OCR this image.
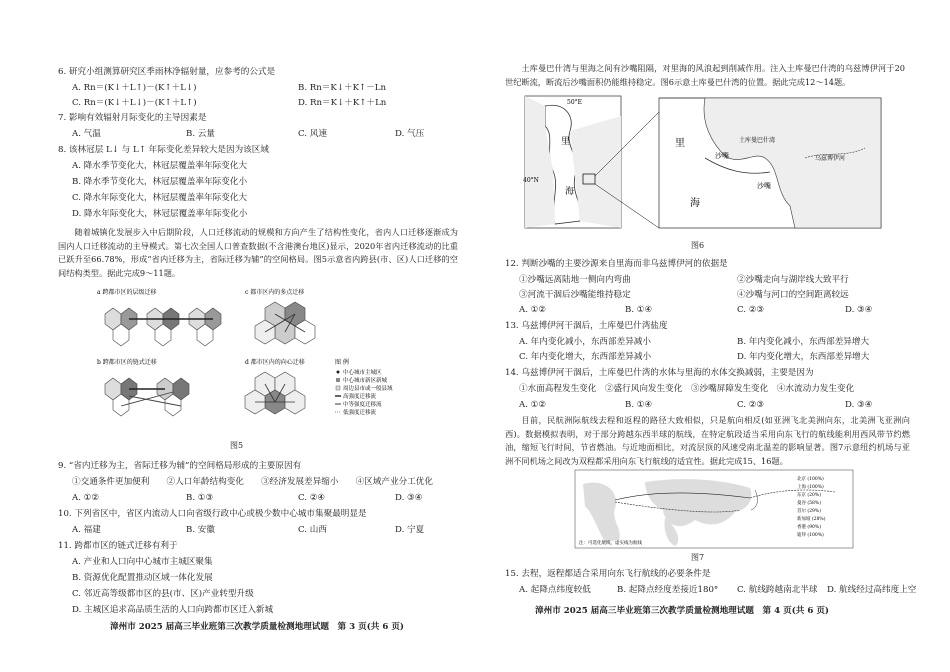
6. 研究小组测算研究区季雨林净辐射量，应参考的公式是
A. Rn＝(K↓＋L↑)－(K↑＋L↓)	B. Rn＝K↓＋K↑－Ln
C. Rn＝(K↓＋L↓)－(K↑＋L↑)	D. Rn＝K↓＋K↑＋Ln
7. 影响有效辐射月际变化的主导因素是
A. 气温	B. 云量	C. 风速	D. 气压
8. 该林冠层 L↓ 与 L↑ 年际变化差异较大是因为该区域
A. 降水季节变化大，林冠层覆盖率年际变化大
B. 降水季节变化大，林冠层覆盖率年际变化小
C. 降水年际变化大，林冠层覆盖率年际变化大
D. 降水年际变化大，林冠层覆盖率年际变化小
随着城镇化发展步入中后期阶段，人口迁移流动的规模和方向产生了结构性变化，省内人口迁移逐渐成为国内人口迁移流动的主导模式。第七次全国人口普查数据(不含港澳台地区)显示，2020年省内迁移流动的比重已跃升至66.78%，形成“省内迁移为主，省际迁移为辅”的空间格局。图5示意省内跨县(市、区)人口迁移的空间结构类型。据此完成9～11题。
a 跨都市区的层级迁移	c 都市区内的多点迁移
b 跨都市区的链式迁移	d 都市区内的向心迁移	图 例
中心城市主城区
中心城市新区新城
周边县市或一般县域
高强度迁移流
中等强度迁移流
低强度迁移流
图5
9. “省内迁移为主，省际迁移为辅”的空间格局形成的主要原因有
①交通条件更加便利　　②人口年龄结构变化　　③经济发展差异缩小　　④区域产业分工优化
A. ①②	B. ①③	C. ②④	D. ③④
10. 下列省区中，省区内流动人口向省级行政中心或极少数中心城市集聚最明显是
A. 福建	B. 安徽	C. 山西	D. 宁夏
11. 跨都市区的链式迁移有利于
A. 产业和人口向中心城市主城区聚集
B. 资源优化配置推动区域一体化发展
C. 邻近高等级都市区的县(市、区)产业转型升级
D. 主城区追求高品质生活的人口向跨都市区迁入新城
漳州市 2025 届高三毕业班第三次教学质量检测地理试题　第 3 页(共 6 页)
土库曼巴什湾与里海之间有沙嘴阻隔，对里海的风浪起到削减作用。注入土库曼巴什湾的乌兹博伊河于20世纪断流，断流后沙嘴面积仍能维持稳定。图6示意土库曼巴什湾的位置。据此完成12～14题。
里
海
50°E
40°N
里
海
土库曼巴什湾
乌兹博伊河
沙嘴
沙嘴
图6
12. 判断沙嘴的主要沙源来自里海而非乌兹博伊河的依据是
①沙嘴远离陆地一侧向内弯曲	②沙嘴走向与湖岸线大致平行
③河流干涸后沙嘴能维持稳定	④沙嘴与河口的空间距离较远
A. ①②	B. ①④	C. ②③	D. ③④
13. 乌兹博伊河干涸后，土库曼巴什湾盐度
A. 年内变化减小，东西部差异减小	B. 年内变化减小，东西部差异增大
C. 年内变化增大，东西部差异减小	D. 年内变化增大，东西部差异增大
14. 乌兹博伊河干涸后，土库曼巴什湾的水体与里海的水体交换减弱，主要是因为
①水面高程发生变化　②盛行风向发生变化　③沙嘴屏障发生变化　④水流动力发生变化
A. ①②	B. ①④	C. ②③	D. ③④
目前，民航洲际航线去程和返程的路径大致相似，只是航向相反(如亚洲飞北美洲向东，北美洲飞亚洲向西)。数据模拟表明，对于部分跨越东西半球的航线，在特定航段适当采用向东飞行的航线能利用西风带节约燃油，缩短飞行时间，节省燃油。与近地面相比，对流层顶的风速受南北温差的影响显著。图7示意纽约机场与亚洲不同机场之间改为双程都采用向东飞行航线的适宜性。据此完成15、16题。
注：可选化航线，虚实线为航线
北京 (100%)
上海 (100%)
东京 (20%)
曼谷 (58%)
首尔 (29%)
新加坡 (28%)
香港 (90%)
迪拜 (100%)
图7
15. 去程，返程都适合采用向东飞行航线的必要条件是
A. 起降点纬度较低	B. 起降点经度差接近180° C. 航线跨越南北半球 D. 航线经过高纬度上空
漳州市 2025 届高三毕业班第三次教学质量检测地理试题　第 4 页(共 6 页)
